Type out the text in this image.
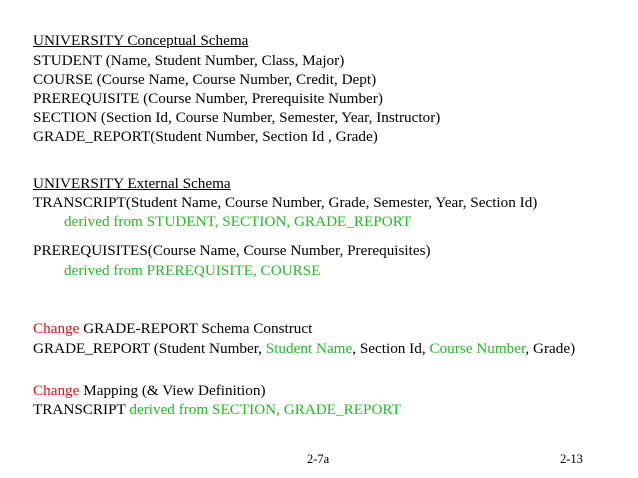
UNIVERSITY Conceptual Schema
STUDENT (Name, Student Number, Class, Major)
COURSE (Course Name, Course Number, Credit, Dept)
PREREQUISITE (Course Number, Prerequisite Number)
SECTION (Section Id, Course Number, Semester, Year, Instructor)
GRADE_REPORT(Student Number, Section Id , Grade)
UNIVERSITY External Schema
TRANSCRIPT(Student Name, Course Number, Grade, Semester, Year, Section Id)
derived from STUDENT, SECTION, GRADE_REPORT
PREREQUISITES(Course Name, Course Number, Prerequisites)
derived from PREREQUISITE, COURSE
Change GRADE-REPORT Schema Construct
GRADE_REPORT (Student Number, Student Name, Section Id, Course Number, Grade)
Change Mapping (& View Definition)
TRANSCRIPT derived from SECTION, GRADE_REPORT
2-7a	2-13
